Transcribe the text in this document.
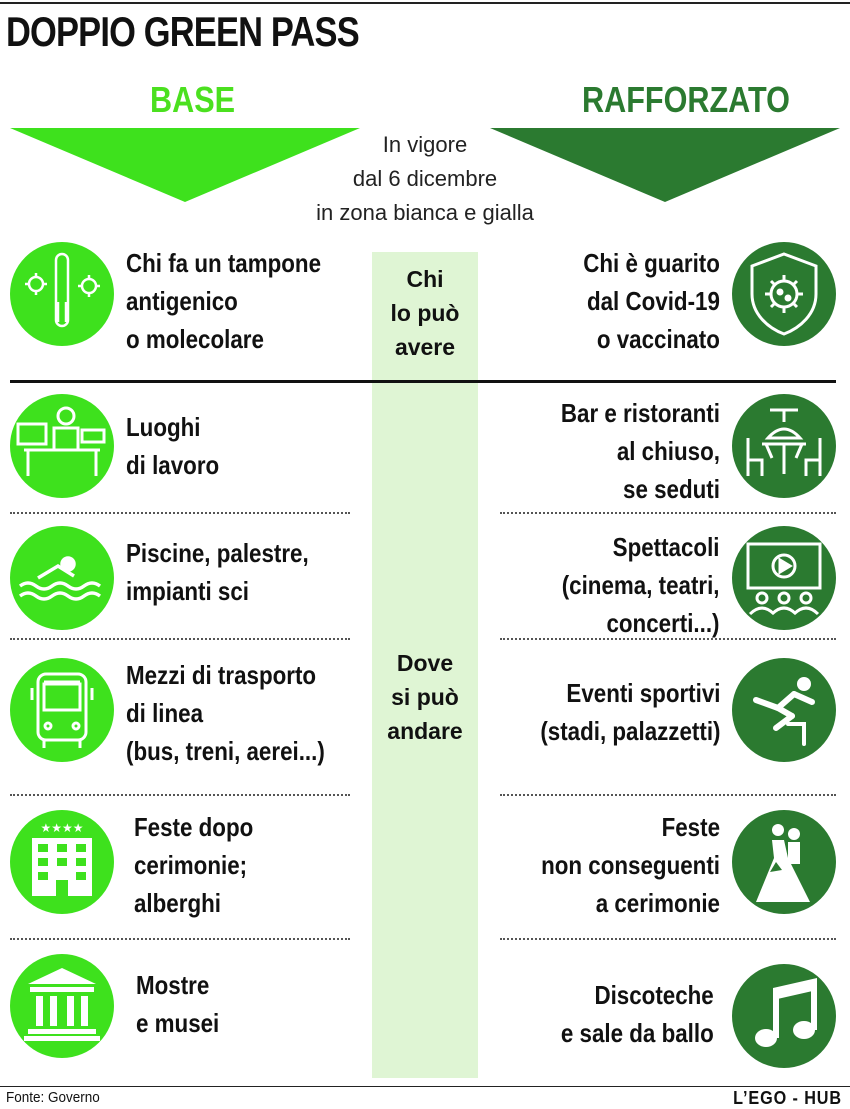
DOPPIO GREEN PASS
BASE	RAFFORZATO
In vigore
dal 6 dicembre
in zona bianca e gialla
Chi
lo può
avere
Dove
si può
andare
Chi fa un tampone
antigenico
o molecolare
Luoghi
di lavoro
Piscine, palestre,
impianti sci
Mezzi di trasporto
di linea
(bus, treni, aerei...)
★★★★ Feste dopo
cerimonie;
alberghi
Mostre
e musei
Chi è guarito
dal Covid-19
o vaccinato
Bar e ristoranti
al chiuso,
se seduti
Spettacoli
(cinema, teatri,
concerti...)
Eventi sportivi
(stadi, palazzetti)
Feste
non conseguenti
a cerimonie
Discoteche
e sale da ballo
Fonte: Governo	L’EGO - HUB
